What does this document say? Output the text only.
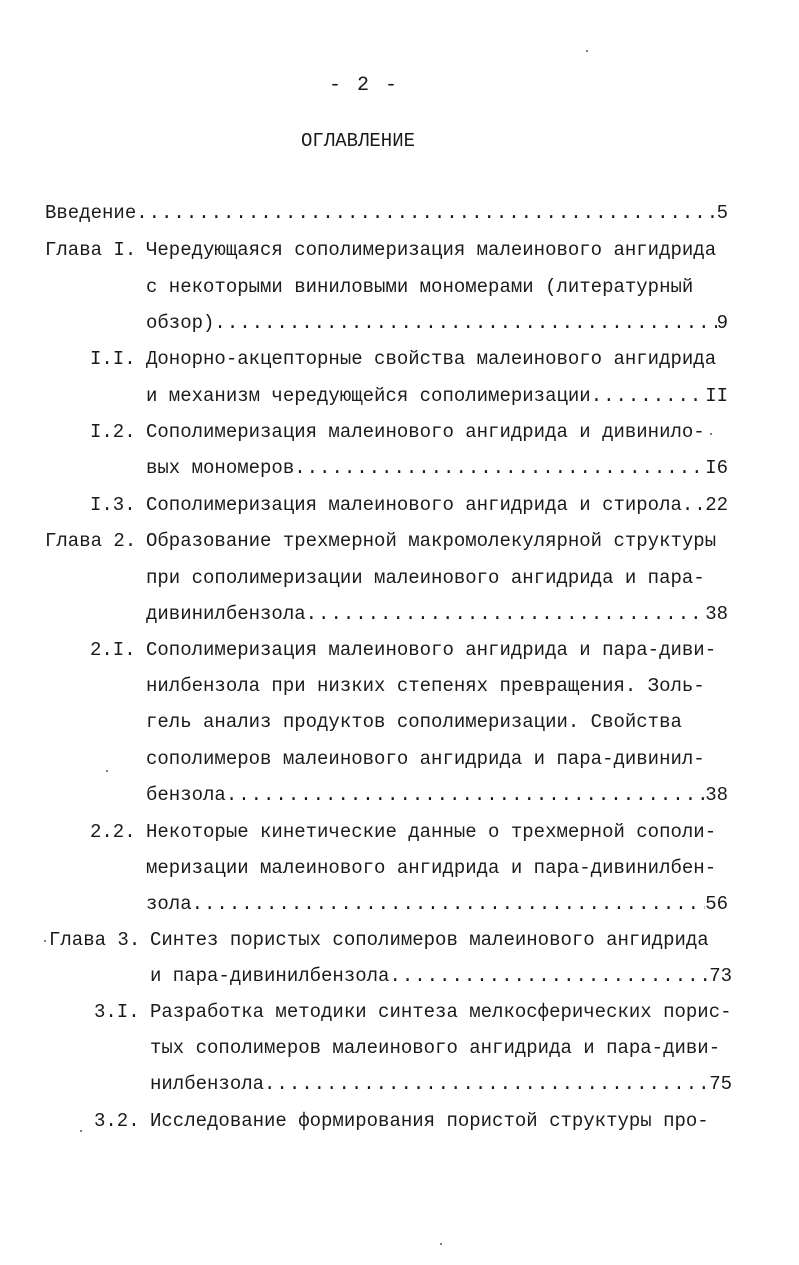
- 2 -
ОГЛАВЛЕНИЕ
Введение .....	5
Глава I. Чередующаяся сополимеризация малеинового ангидрида
с некоторыми виниловыми мономерами (литературный
обзор) .....	9
I.I. Донорно-акцепторные свойства малеинового ангидрида
и механизм чередующейся сополимеризации .....	II
I.2. Сополимеризация малеинового ангидрида и дивинило-
вых мономеров .....	I6
I.3. Сополимеризация малеинового ангидрида и стирола ..... 22
Глава 2. Образование трехмерной макромолекулярной структуры
при сополимеризации малеинового ангидрида и пара-
дивинилбензола .....	38
2.I. Сополимеризация малеинового ангидрида и пара-диви-
нилбензола при низких степенях превращения. Золь-
гель анализ продуктов сополимеризации. Свойства
сополимеров малеинового ангидрида и пара-дивинил-
бензола .....	38
2.2. Некоторые кинетические данные о трехмерной сополи-
меризации малеинового ангидрида и пара-дивинилбен-
зола .....	56
Глава 3. Синтез пористых сополимеров малеинового ангидрида
и пара-дивинилбензола .....	73
3.I. Разработка методики синтеза мелкосферических порис-
тых сополимеров малеинового ангидрида и пара-диви-
нилбензола .....	75
3.2. Исследование формирования пористой структуры про-
